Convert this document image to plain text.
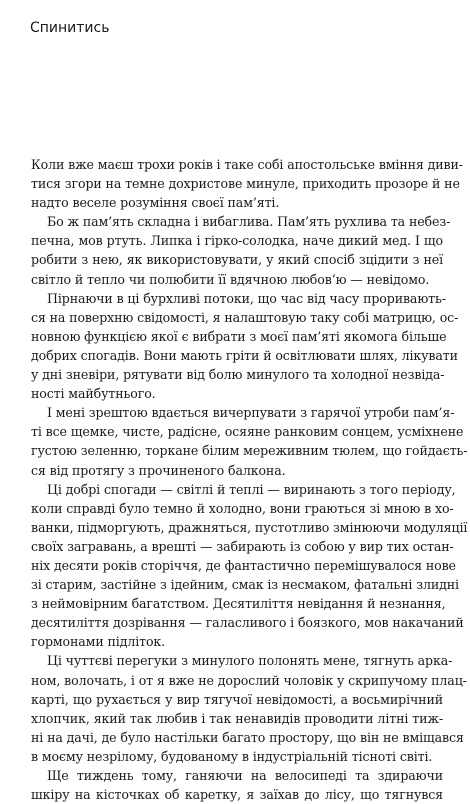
Спинитись
Коли вже маєш трохи років і таке собі апостольське вміння диви-
тися згори на темне дохристове минуле, приходить прозоре й не
надто веселе розуміння своєї пам’яті.
Бо ж пам’ять складна і вибаглива. Пам’ять рухлива та небез-
печна, мов ртуть. Липка і гірко-солодка, наче дикий мед. І що
робити з нею, як використовувати, у який спосіб зцідити з неї
світло й тепло чи полюбити її вдячною любов’ю — невідомо.
Пірнаючи в ці бурхливі потоки, що час від часу проривають-
ся на поверхню свідомості, я налаштовую таку собі матрицю, ос-
новною функцією якої є вибрати з моєї пам’яті якомога більше
добрих спогадів. Вони мають гріти й освітлювати шлях, лікувати
у дні зневіри, рятувати від болю минулого та холодної незвіда-
ності майбутнього.
І мені зрештою вдається вичерпувати з гарячої утроби пам’я-
ті все щемке, чисте, радісне, осяяне ранковим сонцем, усміхнене
густою зеленню, торкане білим мереживним тюлем, що гойдаєть-
ся від протягу з прочиненого балкона.
Ці добрі спогади — світлі й теплі — виринають з того періоду,
коли справді було темно й холодно, вони граються зі мною в хо-
ванки, підморгують, дражняться, пустотливо змінюючи модуляції
своїх загравань, а врешті — забирають із собою у вир тих остан-
ніх десяти років сторіччя, де фантастично перемішувалося нове
зі старим, застійне з ідейним, смак із несмаком, фатальні злидні
з неймовірним багатством. Десятиліття невідання й незнання,
десятиліття дозрівання — галасливого і боязкого, мов накачаний
гормонами підліток.
Ці чуттєві перегуки з минулого полонять мене, тягнуть арка-
ном, волочать, і от я вже не дорослий чоловік у скрипучому плац-
карті, що рухається у вир тягучої невідомості, а восьмирічний
хлопчик, який так любив і так ненавидів проводити літні тиж-
ні на дачі, де було настільки багато простору, що він не вміщався
в моєму незрілому, будованому в індустріальній тісноті світі.
Ще тиждень тому, ганяючи на велосипеді та здираючи
шкіру на кісточках об каретку, я заїхав до лісу, що тягнувся
